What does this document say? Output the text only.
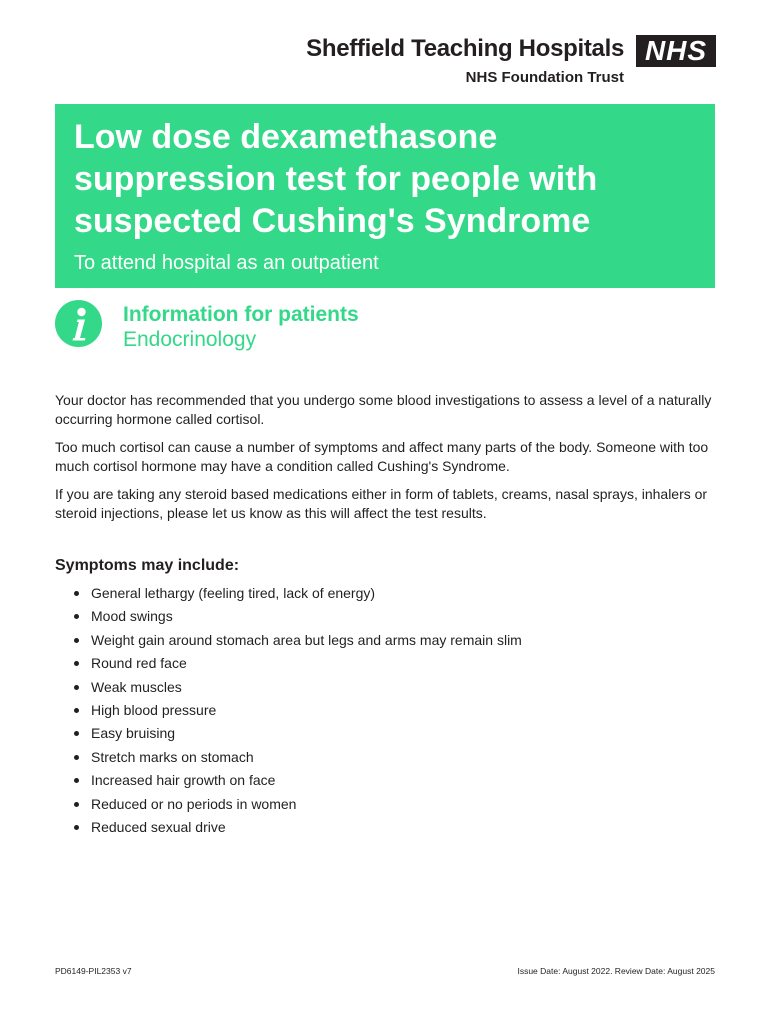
Sheffield Teaching Hospitals
NHS Foundation Trust
NHS
Low dose dexamethasone suppression test for people with suspected Cushing's Syndrome

To attend hospital as an outpatient

Information for patients

Endocrinology

Your doctor has recommended that you undergo some blood investigations to assess a level of a naturally occurring hormone called cortisol.

Too much cortisol can cause a number of symptoms and affect many parts of the body. Someone with too much cortisol hormone may have a condition called Cushing's Syndrome.

If you are taking any steroid based medications either in form of tablets, creams, nasal sprays, inhalers or steroid injections, please let us know as this will affect the test results.

Symptoms may include:
General lethargy (feeling tired, lack of energy)
Mood swings
Weight gain around stomach area but legs and arms may remain slim
Round red face
Weak muscles
High blood pressure
Easy bruising
Stretch marks on stomach
Increased hair growth on face
Reduced or no periods in women
Reduced sexual drive
PD6149-PIL2353 v7	Issue Date: August 2022. Review Date: August 2025
